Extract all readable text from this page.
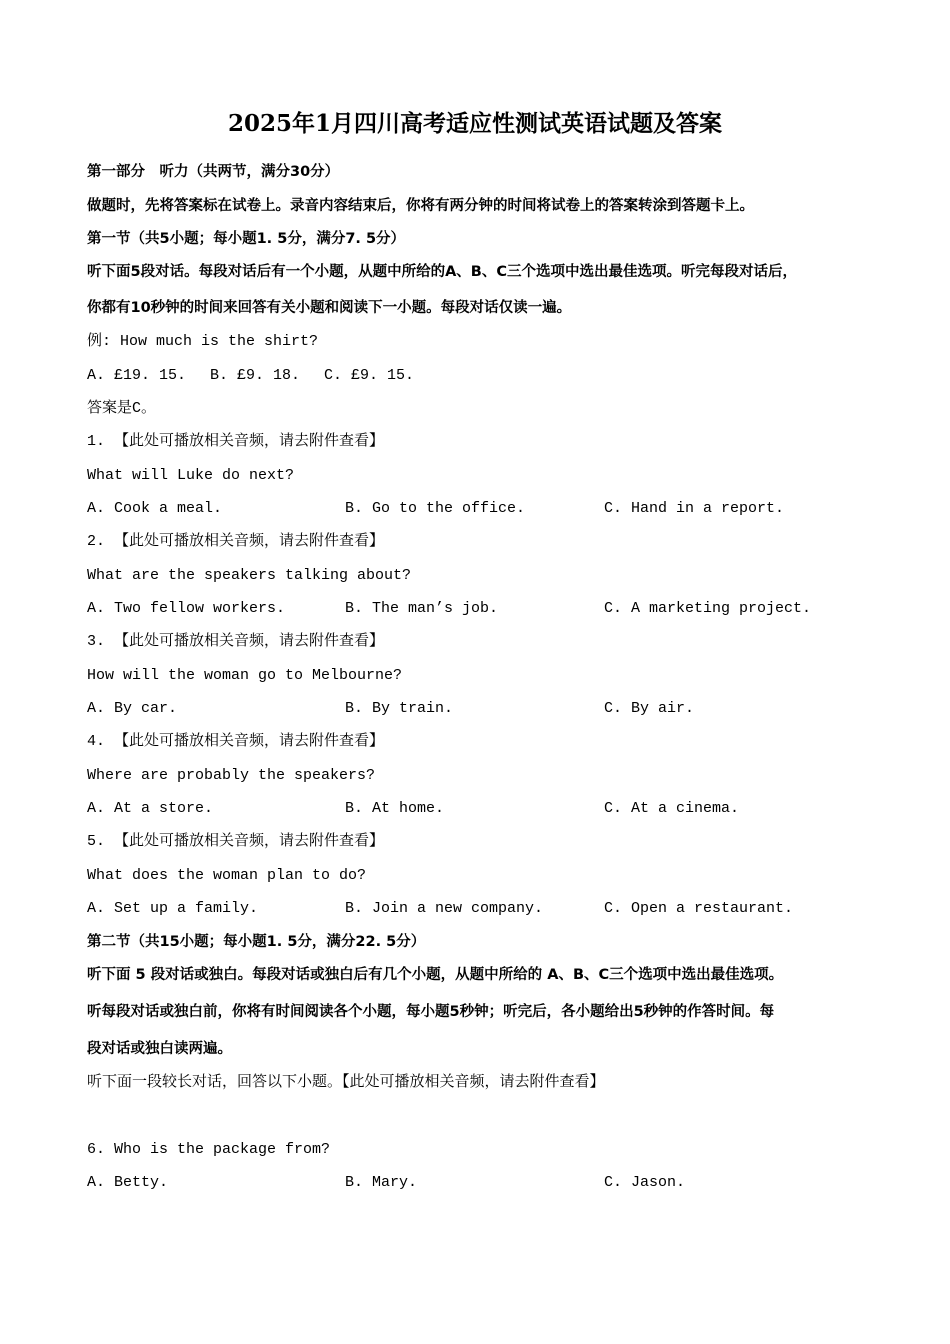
2025年1月四川高考适应性测试英语试题及答案
第一部分　听力（共两节，满分30分）
做题时，先将答案标在试卷上。录音内容结束后，你将有两分钟的时间将试卷上的答案转涂到答题卡上。
第一节（共5小题；每小题1. 5分，满分7. 5分）
听下面5段对话。每段对话后有一个小题，从题中所给的A、B、C三个选项中选出最佳选项。听完每段对话后，
你都有10秒钟的时间来回答有关小题和阅读下一小题。每段对话仅读一遍。
例: How much is the shirt?
A. £19. 15.　 B. £9. 18.　 C. £9. 15.
答案是C。
1. 【此处可播放相关音频，请去附件查看】
What will Luke do next?
A. Cook a meal.	B. Go to the office.	C. Hand in a report.
2. 【此处可播放相关音频，请去附件查看】
What are the speakers talking about?
A. Two fellow workers.	B. The man’s job.	C. A marketing project.
3. 【此处可播放相关音频，请去附件查看】
How will the woman go to Melbourne?
A. By car.	B. By train.	C. By air.
4. 【此处可播放相关音频，请去附件查看】
Where are probably the speakers?
A. At a store.	B. At home.	C. At a cinema.
5. 【此处可播放相关音频，请去附件查看】
What does the woman plan to do?
A. Set up a family.	B. Join a new company.	C. Open a restaurant.
第二节（共15小题；每小题1. 5分，满分22. 5分）
听下面 5 段对话或独白。每段对话或独白后有几个小题，从题中所给的 A、B、C三个选项中选出最佳选项。
听每段对话或独白前，你将有时间阅读各个小题，每小题5秒钟；听完后，各小题给出5秒钟的作答时间。每
段对话或独白读两遍。
听下面一段较长对话，回答以下小题。【此处可播放相关音频，请去附件查看】
6. Who is the package from?
A. Betty.	B. Mary.	C. Jason.
